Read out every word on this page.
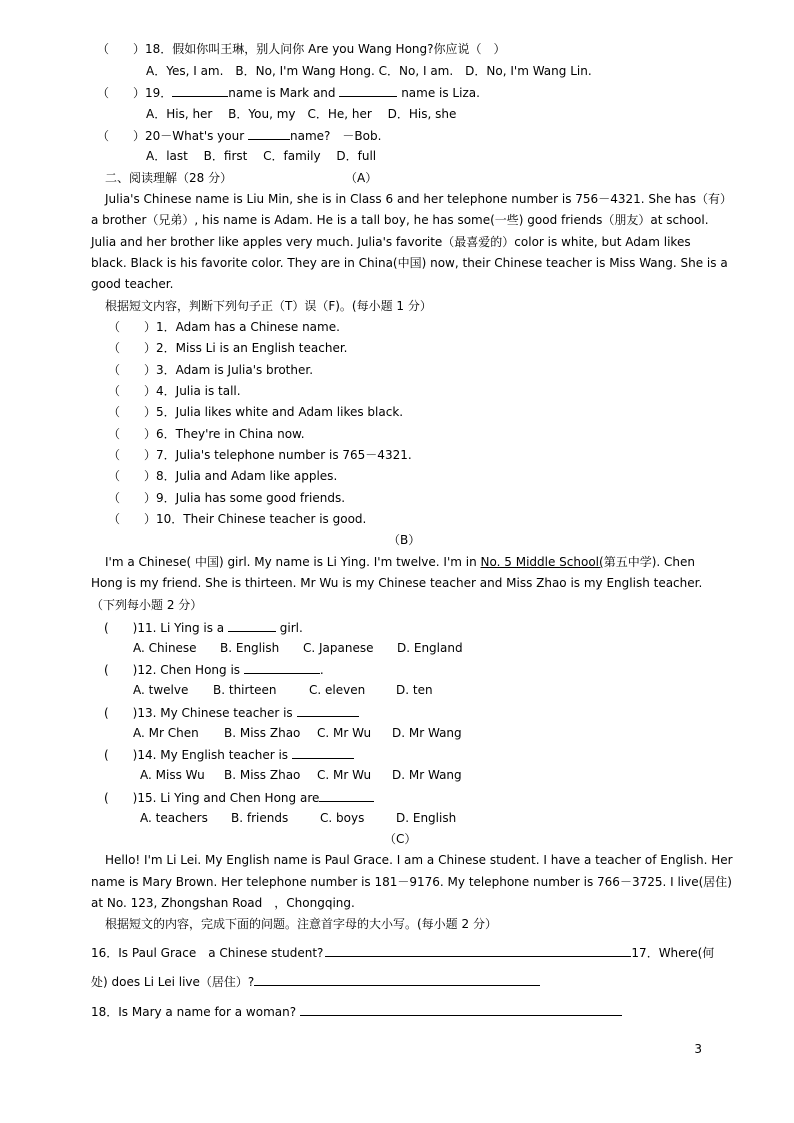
（　　）18．假如你叫王琳，别人问你 Are you Wang Hong?你应说（　）
A．Yes, I am.　B．No, I'm Wang Hong. C．No, I am.　D．No, I'm Wang Lin.
（　　）19．	name is Mark and	name is Liza.
A．His, her　 B．You, my　C．He, her　 D．His, she
（　　）20－What's your	name?　－Bob.
A．last　 B．first　 C．family　 D．full
二、阅读理解（28 分）	（A）
Julia's Chinese name is Liu Min, she is in Class 6 and her telephone number is 756－4321. She has（有）
a brother（兄弟）, his name is Adam. He is a tall boy, he has some(一些) good friends（朋友）at school.
Julia and her brother like apples very much. Julia's favorite（最喜爱的）color is white, but Adam likes
black. Black is his favorite color. They are in China(中国) now, their Chinese teacher is Miss Wang. She is a
good teacher.
根据短文内容，判断下列句子正（T）误（F)。(每小题 1 分）
（　　）1．Adam has a Chinese name.
（　　）2．Miss Li is an English teacher.
（　　）3．Adam is Julia's brother.
（　　）4．Julia is tall.
（　　）5．Julia likes white and Adam likes black.
（　　）6．They're in China now.
（　　）7．Julia's telephone number is 765－4321.
（　　）8．Julia and Adam like apples.
（　　）9．Julia has some good friends.
（　　）10．Their Chinese teacher is good.
（B）
I'm a Chinese( 中国) girl. My name is Li Ying. I'm twelve. I'm in No. 5 Middle School(第五中学). Chen
Hong is my friend. She is thirteen. Mr Wu is my Chinese teacher and Miss Zhao is my English teacher.
（下列每小题 2 分）
(　　)11. Li Ying is a	girl.
A. Chinese B. English C. Japanese D. England
(　　)12. Chen Hong is	.
A. twelve B. thirteen	C. eleven	D. ten
(　　)13. My Chinese teacher is
A. Mr Chen B. Miss Zhao C. Mr Wu D. Mr Wang
(　　)14. My English teacher is
A. Miss Wu B. Miss Zhao C. Mr Wu D. Mr Wang
(　　)15. Li Ying and Chen Hong are
A. teachers B. friends	C. boys	D. English
（C）
Hello! I'm Li Lei. My English name is Paul Grace. I am a Chinese student. I have a teacher of English. Her
name is Mary Brown. Her telephone number is 181－9176. My telephone number is 766－3725. I live(居住)
at No. 123, Zhongshan Road　，Chongqing.
根据短文的内容，完成下面的问题。注意首字母的大小写。(每小题 2 分）
16．Is Paul Grace　a Chinese student?	17．Where(何
处) does Li Lei live（居住）?
18．Is Mary a name for a woman?
3
